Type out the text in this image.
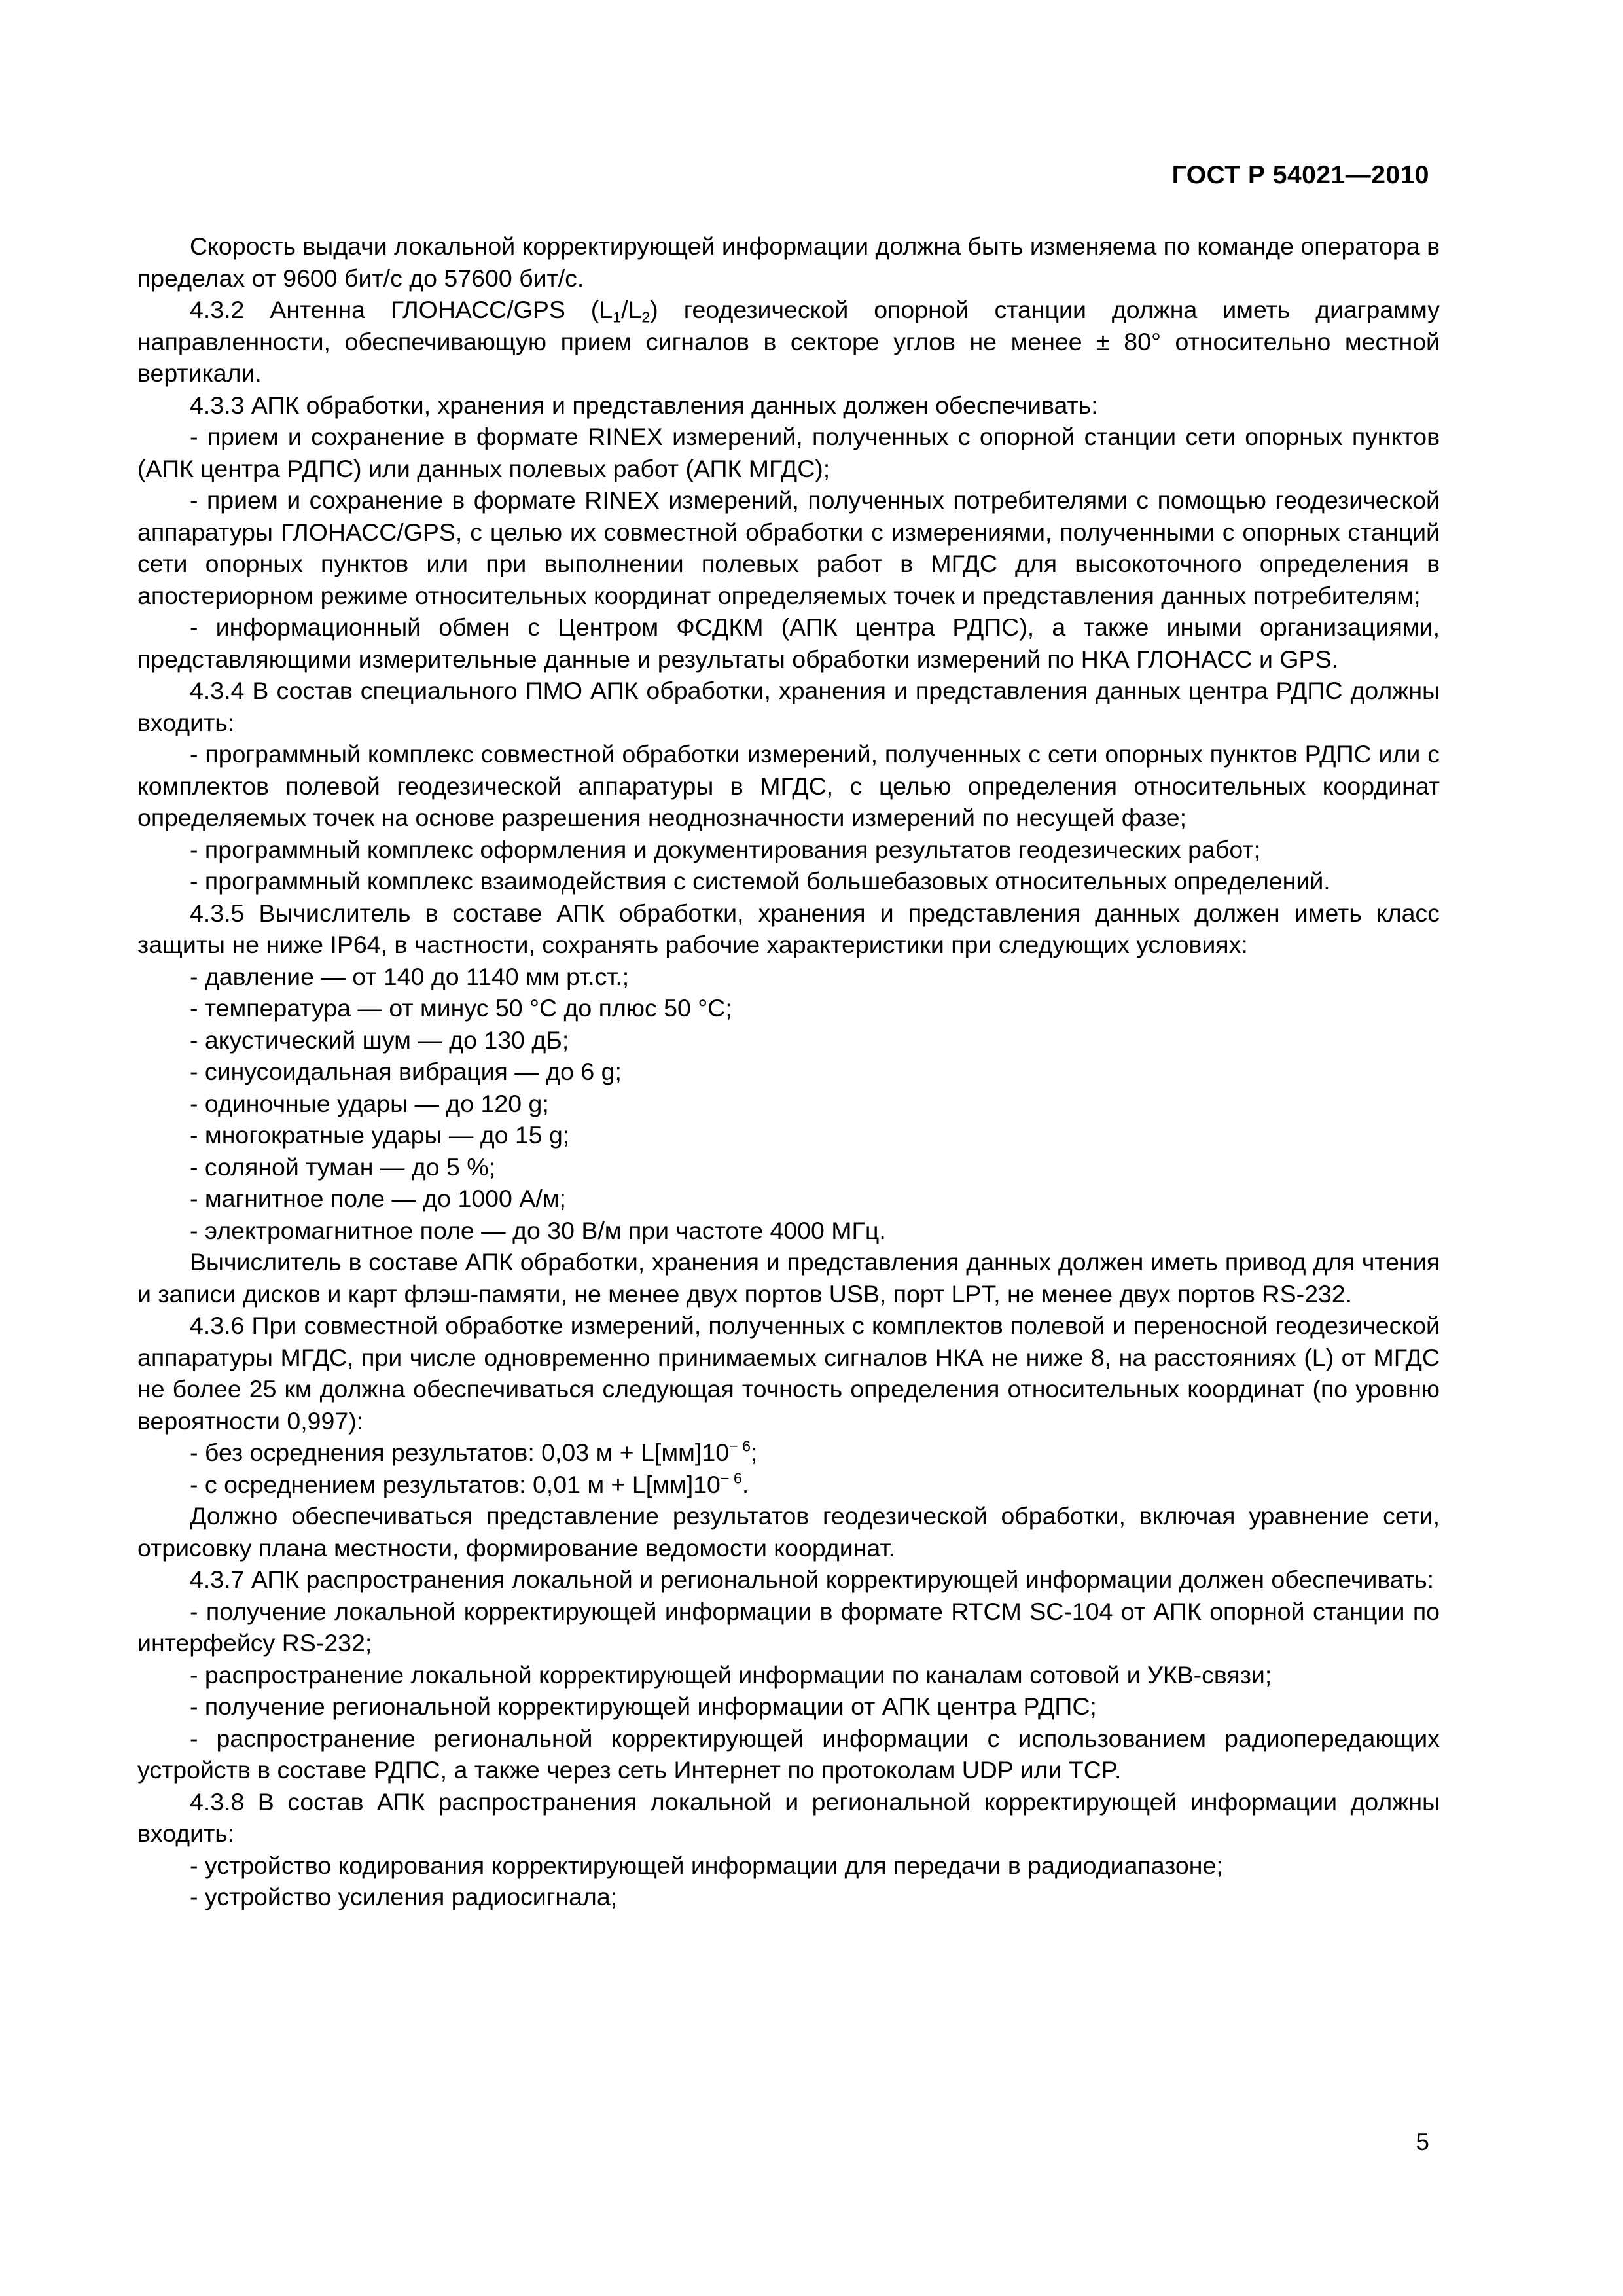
ГОСТ Р 54021—2010

Скорость выдачи локальной корректирующей информации должна быть изменяема по команде оператора в пределах от 9600 бит/с до 57600 бит/с.

4.3.2 Антенна ГЛОНАСС/GPS $(L_1/L_2)$ геодезической опорной станции должна иметь диаграмму направленности, обеспечивающую прием сигналов в секторе углов не менее ± 80° относительно местной вертикали.

4.3.3 АПК обработки, хранения и представления данных должен обеспечивать:

- прием и сохранение в формате RINEX измерений, полученных с опорной станции сети опорных пунктов (АПК центра РДПС) или данных полевых работ (АПК МГДС);

- прием и сохранение в формате RINEX измерений, полученных потребителями с помощью геодезической аппаратуры ГЛОНАСС/GPS, с целью их совместной обработки с измерениями, полученными с опорных станций сети опорных пунктов или при выполнении полевых работ в МГДС для высокоточного определения в апостериорном режиме относительных координат определяемых точек и представления данных потребителям;

- информационный обмен с Центром ФСДКМ (АПК центра РДПС), а также иными организациями, представляющими измерительные данные и результаты обработки измерений по НКА ГЛОНАСС и GPS.

4.3.4 В состав специального ПМО АПК обработки, хранения и представления данных центра РДПС должны входить:

- программный комплекс совместной обработки измерений, полученных с сети опорных пунктов РДПС или с комплектов полевой геодезической аппаратуры в МГДС, с целью определения относительных координат определяемых точек на основе разрешения неоднозначности измерений по несущей фазе;

- программный комплекс оформления и документирования результатов геодезических работ;

- программный комплекс взаимодействия с системой большебазовых относительных определений.

4.3.5 Вычислитель в составе АПК обработки, хранения и представления данных должен иметь класс защиты не ниже IP64, в частности, сохранять рабочие характеристики при следующих условиях:

- давление — от 140 до 1140 мм рт.ст.;

- температура — от минус 50 °С до плюс 50 °С;

- акустический шум — до 130 дБ;

- синусоидальная вибрация — до 6 g;

- одиночные удары — до 120 g;

- многократные удары — до 15 g;

- соляной туман — до 5 %;

- магнитное поле — до 1000 А/м;

- электромагнитное поле — до 30 В/м при частоте 4000 МГц.

Вычислитель в составе АПК обработки, хранения и представления данных должен иметь привод для чтения и записи дисков и карт флэш-памяти, не менее двух портов USB, порт LPT, не менее двух портов RS-232.

4.3.6 При совместной обработке измерений, полученных с комплектов полевой и переносной геодезической аппаратуры МГДС, при числе одновременно принимаемых сигналов НКА не ниже 8, на расстояниях (L) от МГДС не более 25 км должна обеспечиваться следующая точность определения относительных координат (по уровню вероятности 0,997):

- без осреднения результатов: 0,03 $м + L[мм]10^{- 6}$;

- с осреднением результатов: 0,01 $м + L[мм]10^{- 6}$.

Должно обеспечиваться представление результатов геодезической обработки, включая уравнение сети, отрисовку плана местности, формирование ведомости координат.

4.3.7 АПК распространения локальной и региональной корректирующей информации должен обеспечивать:

- получение локальной корректирующей информации в формате RTCM SC-104 от АПК опорной станции по интерфейсу RS-232;

- распространение локальной корректирующей информации по каналам сотовой и УКВ-связи;

- получение региональной корректирующей информации от АПК центра РДПС;

- распространение региональной корректирующей информации с использованием радиопередающих устройств в составе РДПС, а также через сеть Интернет по протоколам UDP или TCP.

4.3.8 В состав АПК распространения локальной и региональной корректирующей информации должны входить:

- устройство кодирования корректирующей информации для передачи в радиодиапазоне;

- устройство усиления радиосигнала;

5
